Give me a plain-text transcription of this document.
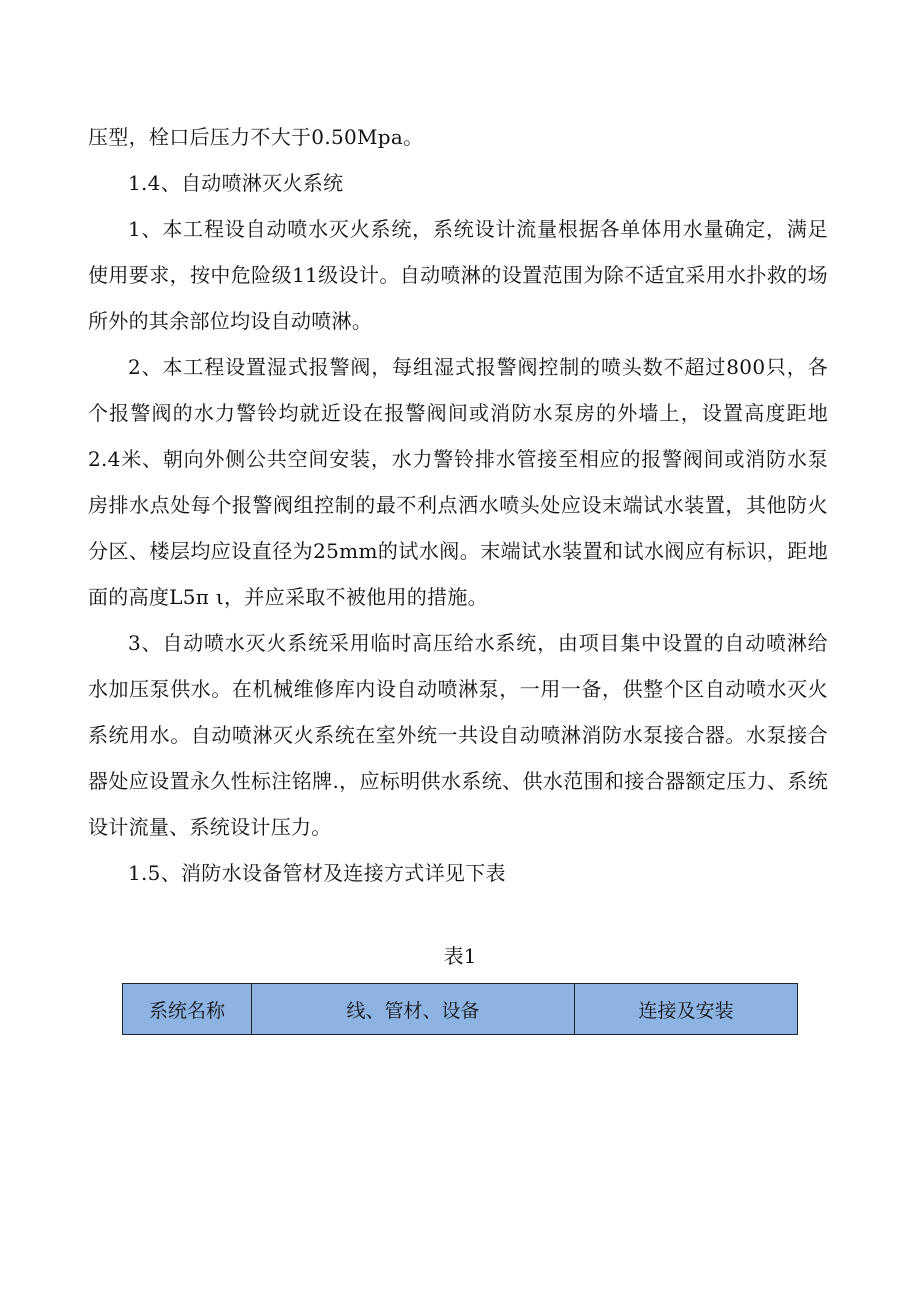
压型，栓口后压力不大于0.50Mpa。

1.4、自动喷淋灭火系统

1、本工程设自动喷水灭火系统，系统设计流量根据各单体用水量确定，满足使用要求，按中危险级11级设计。自动喷淋的设置范围为除不适宜采用水扑救的场所外的其余部位均设自动喷淋。

2、本工程设置湿式报警阀，每组湿式报警阀控制的喷头数不超过800只，各个报警阀的水力警铃均就近设在报警阀间或消防水泵房的外墙上，设置高度距地2.4米、朝向外侧公共空间安装，水力警铃排水管接至相应的报警阀间或消防水泵房排水点处每个报警阀组控制的最不利点洒水喷头处应设末端试水装置，其他防火分区、楼层均应设直径为25mm的试水阀。末端试水装置和试水阀应有标识，距地面的高度L5π ι，并应采取不被他用的措施。

3、自动喷水灭火系统采用临时高压给水系统，由项目集中设置的自动喷淋给水加压泵供水。在机械维修库内设自动喷淋泵，一用一备，供整个区自动喷水灭火系统用水。自动喷淋灭火系统在室外统一共设自动喷淋消防水泵接合器。水泵接合器处应设置永久性标注铭牌.，应标明供水系统、供水范围和接合器额定压力、系统设计流量、系统设计压力。

1.5、消防水设备管材及连接方式详见下表

表1
系统名称	线、管材、设备	连接及安装
